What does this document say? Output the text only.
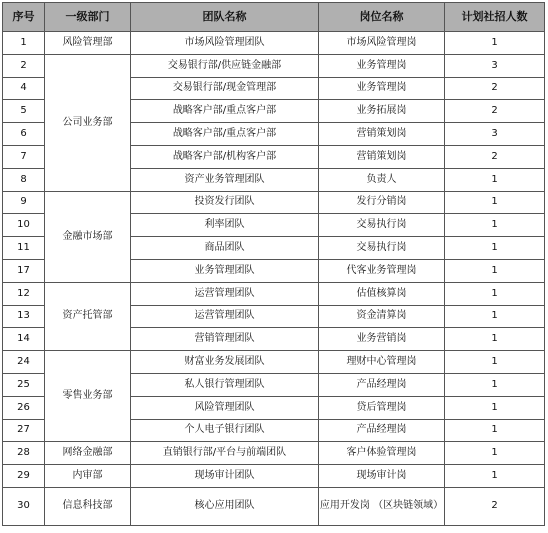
序号	一级部门	团队名称	岗位名称	计划社招人数
1	风险管理部	市场风险管理团队	市场风险管理岗	1
2	公司业务部	交易银行部/供应链金融部	业务管理岗	3
4		交易银行部/现金管理部	业务管理岗	2
5		战略客户部/重点客户部	业务拓展岗	2
6		战略客户部/重点客户部	营销策划岗	3
7		战略客户部/机构客户部	营销策划岗	2
8		资产业务管理团队	负责人	1
9	金融市场部	投资发行团队	发行分销岗	1
10		利率团队	交易执行岗	1
11		商品团队	交易执行岗	1
17		业务管理团队	代客业务管理岗	1
12	资产托管部	运营管理团队	估值核算岗	1
13		运营管理团队	资金清算岗	1
14		营销管理团队	业务营销岗	1
24	零售业务部	财富业务发展团队	理财中心管理岗	1
25		私人银行管理团队	产品经理岗	1
26		风险管理团队	贷后管理岗	1
27		个人电子银行团队	产品经理岗	1
28	网络金融部	直销银行部/平台与前端团队	客户体验管理岗	1
29	内审部	现场审计团队	现场审计岗	1
30	信息科技部	核心应用团队	应用开发岗 （区块链领域）	2
